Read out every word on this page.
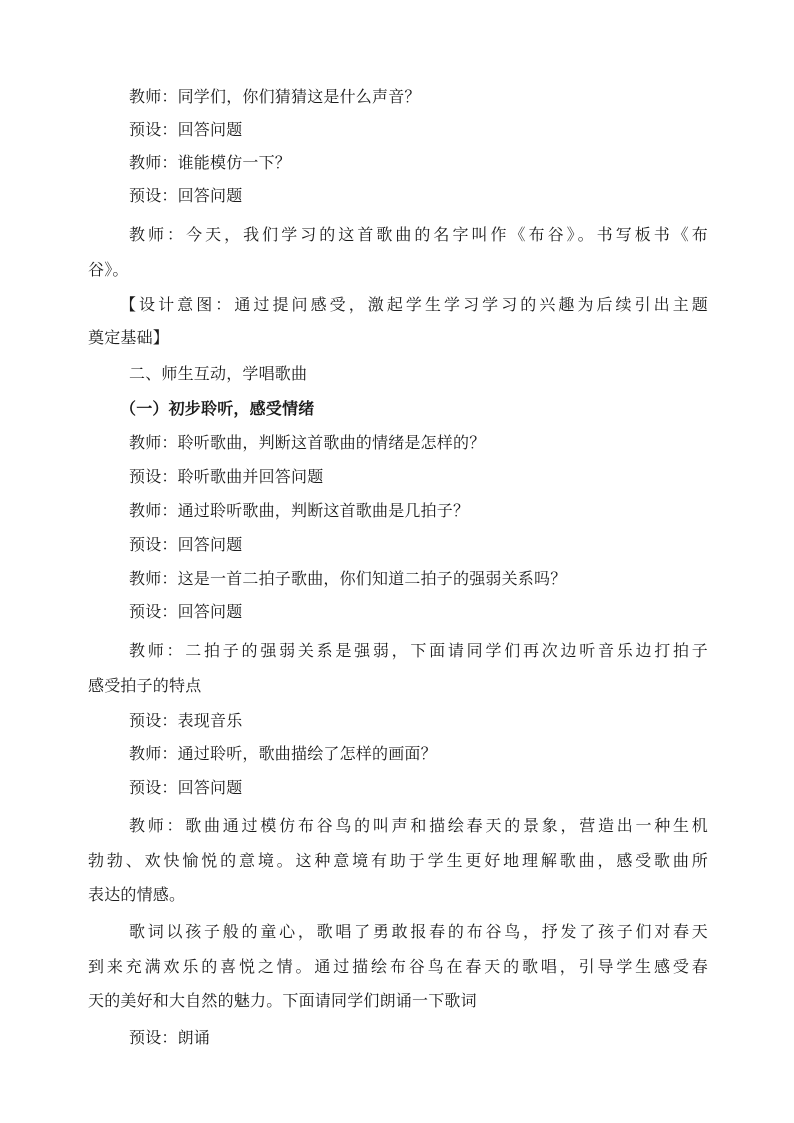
教师：同学们，你们猜猜这是什么声音？
预设：回答问题
教师：谁能模仿一下？
预设：回答问题
教师：今天，我们学习的这首歌曲的名字叫作《布谷》。书写板书《布
谷》。
【设计意图：通过提问感受，激起学生学习学习的兴趣为后续引出主题
奠定基础】
二、师生互动，学唱歌曲
（一）初步聆听，感受情绪
教师：聆听歌曲，判断这首歌曲的情绪是怎样的？
预设：聆听歌曲并回答问题
教师：通过聆听歌曲，判断这首歌曲是几拍子？
预设：回答问题
教师：这是一首二拍子歌曲，你们知道二拍子的强弱关系吗？
预设：回答问题
教师：二拍子的强弱关系是强弱，下面请同学们再次边听音乐边打拍子
感受拍子的特点
预设：表现音乐
教师：通过聆听，歌曲描绘了怎样的画面？
预设：回答问题
教师：歌曲通过模仿布谷鸟的叫声和描绘春天的景象，营造出一种生机
勃勃、欢快愉悦的意境。这种意境有助于学生更好地理解歌曲，感受歌曲所
表达的情感。
歌词以孩子般的童心，歌唱了勇敢报春的布谷鸟，抒发了孩子们对春天
到来充满欢乐的喜悦之情。通过描绘布谷鸟在春天的歌唱，引导学生感受春
天的美好和大自然的魅力。下面请同学们朗诵一下歌词
预设：朗诵
